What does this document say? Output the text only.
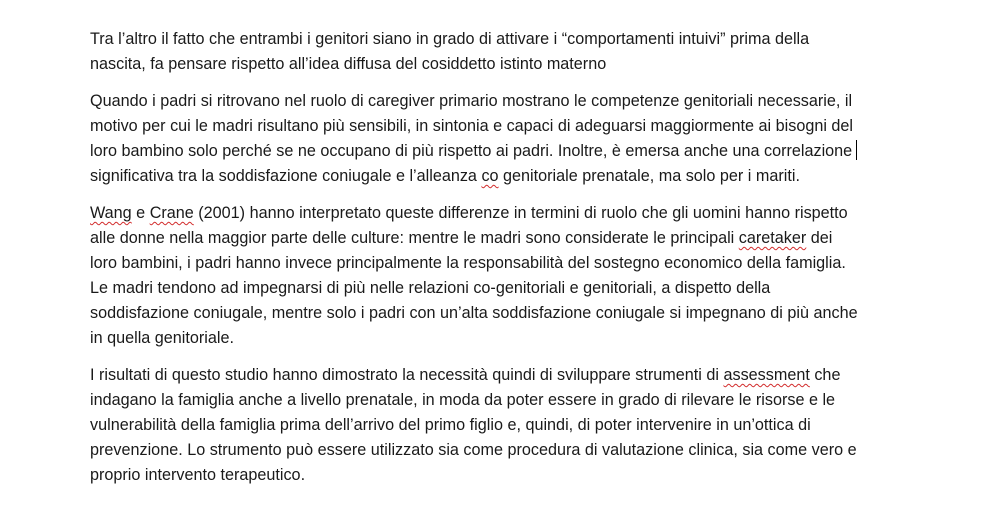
Tra l’altro il fatto che entrambi i genitori siano in grado di attivare i “comportamenti intuivi” prima della
nascita, fa pensare rispetto all’idea diffusa del cosiddetto istinto materno

Quando i padri si ritrovano nel ruolo di caregiver primario mostrano le competenze genitoriali necessarie, il
motivo per cui le madri risultano più sensibili, in sintonia e capaci di adeguarsi maggiormente ai bisogni del
loro bambino solo perché se ne occupano di più rispetto ai padri. Inoltre, è emersa anche una correlazione
significativa tra la soddisfazione coniugale e l’alleanza co genitoriale prenatale, ma solo per i mariti.

Wang e Crane (2001) hanno interpretato queste differenze in termini di ruolo che gli uomini hanno rispetto
alle donne nella maggior parte delle culture: mentre le madri sono considerate le principali caretaker dei
loro bambini, i padri hanno invece principalmente la responsabilità del sostegno economico della famiglia.
Le madri tendono ad impegnarsi di più nelle relazioni co-genitoriali e genitoriali, a dispetto della
soddisfazione coniugale, mentre solo i padri con un’alta soddisfazione coniugale si impegnano di più anche
in quella genitoriale.

I risultati di questo studio hanno dimostrato la necessità quindi di sviluppare strumenti di assessment che
indagano la famiglia anche a livello prenatale, in moda da poter essere in grado di rilevare le risorse e le
vulnerabilità della famiglia prima dell’arrivo del primo figlio e, quindi, di poter intervenire in un’ottica di
prevenzione. Lo strumento può essere utilizzato sia come procedura di valutazione clinica, sia come vero e
proprio intervento terapeutico.
